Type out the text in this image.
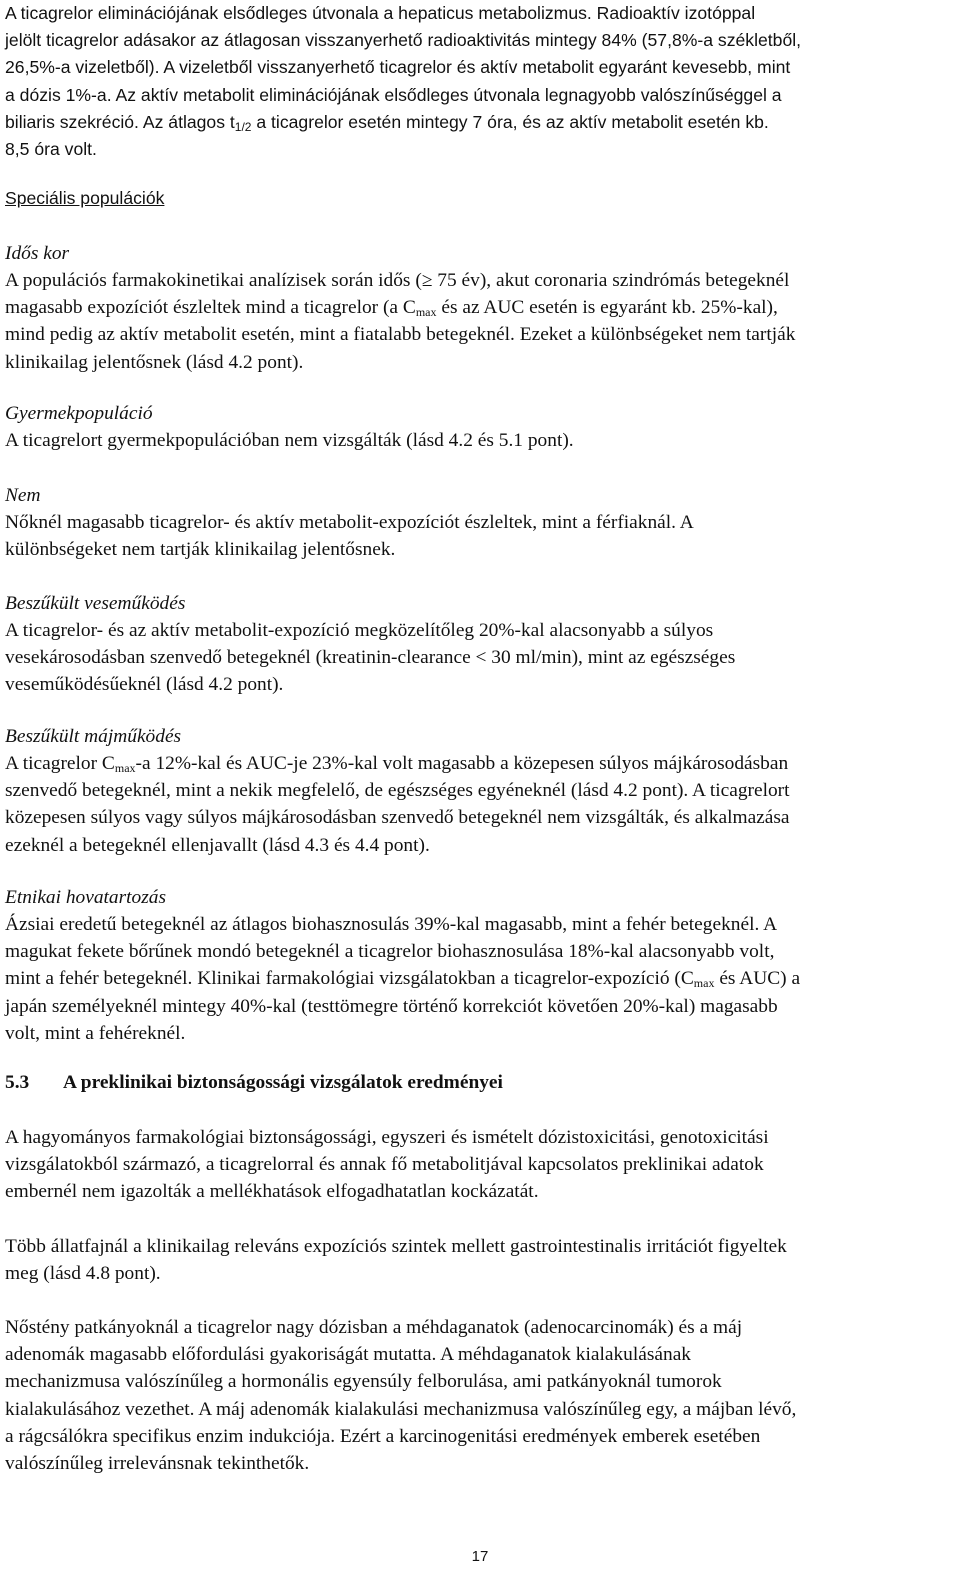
A ticagrelor eliminációjának elsődleges útvonala a hepaticus metabolizmus. Radioaktív izotóppal
jelölt ticagrelor adásakor az átlagosan visszanyerhető radioaktivitás mintegy 84% (57,8%-a székletből,
26,5%-a vizeletből). A vizeletből visszanyerhető ticagrelor és aktív metabolit egyaránt kevesebb, mint
a dózis 1%-a. Az aktív metabolit eliminációjának elsődleges útvonala legnagyobb valószínűséggel a
biliaris szekréció. Az átlagos $t_{1/2}$ a ticagrelor esetén mintegy 7 óra, és az aktív metabolit esetén kb.
8,5 óra volt.
Speciális populációk
Idős kor
A populációs farmakokinetikai analízisek során idős (≥ 75 év), akut coronaria szindrómás betegeknél
magasabb expozíciót észleltek mind a ticagrelor (a $C_{max}$ és az AUC esetén is egyaránt kb. 25%-kal),
mind pedig az aktív metabolit esetén, mint a fiatalabb betegeknél. Ezeket a különbségeket nem tartják
klinikailag jelentősnek (lásd 4.2 pont).
Gyermekpopuláció
A ticagrelort gyermekpopulációban nem vizsgálták (lásd 4.2 és 5.1 pont).
Nem
Nőknél magasabb ticagrelor- és aktív metabolit-expozíciót észleltek, mint a férfiaknál. A
különbségeket nem tartják klinikailag jelentősnek.
Beszűkült veseműködés
A ticagrelor- és az aktív metabolit-expozíció megközelítőleg 20%-kal alacsonyabb a súlyos
vesekárosodásban szenvedő betegeknél (kreatinin-clearance < 30 ml/min), mint az egészséges
veseműködésűeknél (lásd 4.2 pont).
Beszűkült májműködés
A ticagrelor $C_{max}-a$ 12%-kal és AUC-je 23%-kal volt magasabb a közepesen súlyos májkárosodásban
szenvedő betegeknél, mint a nekik megfelelő, de egészséges egyéneknél (lásd 4.2 pont). A ticagrelort
közepesen súlyos vagy súlyos májkárosodásban szenvedő betegeknél nem vizsgálták, és alkalmazása
ezeknél a betegeknél ellenjavallt (lásd 4.3 és 4.4 pont).
Etnikai hovatartozás
Ázsiai eredetű betegeknél az átlagos biohasznosulás 39%-kal magasabb, mint a fehér betegeknél. A
magukat fekete bőrűnek mondó betegeknél a ticagrelor biohasznosulása 18%-kal alacsonyabb volt,
mint a fehér betegeknél. Klinikai farmakológiai vizsgálatokban a ticagrelor-expozíció ($C_{max}$ és AUC) a
japán személyeknél mintegy 40%-kal (testtömegre történő korrekciót követően 20%-kal) magasabb
volt, mint a fehéreknél.
5.3 A preklinikai biztonságossági vizsgálatok eredményei
A hagyományos farmakológiai biztonságossági, egyszeri és ismételt dózistoxicitási, genotoxicitási
vizsgálatokból származó, a ticagrelorral és annak fő metabolitjával kapcsolatos preklinikai adatok
embernél nem igazolták a mellékhatások elfogadhatatlan kockázatát.
Több állatfajnál a klinikailag releváns expozíciós szintek mellett gastrointestinalis irritációt figyeltek
meg (lásd 4.8 pont).
Nőstény patkányoknál a ticagrelor nagy dózisban a méhdaganatok (adenocarcinomák) és a máj
adenomák magasabb előfordulási gyakoriságát mutatta. A méhdaganatok kialakulásának
mechanizmusa valószínűleg a hormonális egyensúly felborulása, ami patkányoknál tumorok
kialakulásához vezethet. A máj adenomák kialakulási mechanizmusa valószínűleg egy, a májban lévő,
a rágcsálókra specifikus enzim indukciója. Ezért a karcinogenitási eredmények emberek esetében
valószínűleg irrelevánsnak tekinthetők.
17
